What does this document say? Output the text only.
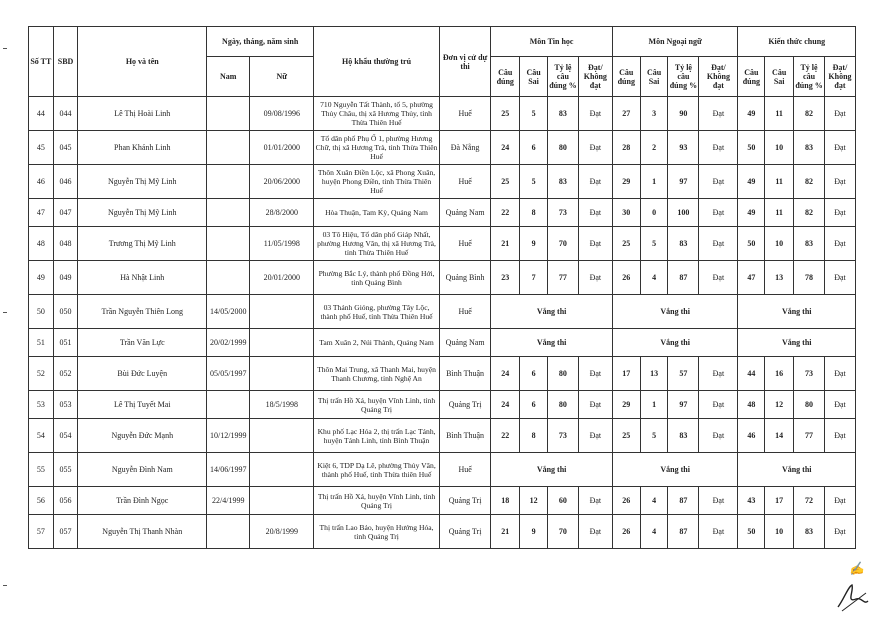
Số TT	SBD	Họ và tên	Ngày, tháng, năm sinh		Hộ khẩu thường trú	Đơn vị cử dự thi	Môn Tin học				Môn Ngoại ngữ				Kiến thức chung			
			Nam	Nữ			Câu đúng	Câu Sai	Tỷ lệ câu đúng %	Đạt/ Không đạt	Câu đúng	Câu Sai	Tỷ lệ câu đúng %	Đạt/ Không đạt	Câu đúng	Câu Sai	Tỷ lệ câu đúng %	Đạt/ Không đạt
44	044	Lê Thị Hoài Linh		09/08/1996	710 Nguyễn Tất Thành, tổ 5, phường Thủy Châu, thị xã Hương Thủy, tỉnh Thừa Thiên Huế	Huế	25	5	83	Đạt	27	3	90	Đạt	49	11	82	Đạt
45	045	Phan Khánh Linh		01/01/2000	Tổ dân phố Phụ Ổ 1, phường Hương Chữ, thị xã Hương Trà, tỉnh Thừa Thiên Huế	Đà Nẵng	24	6	80	Đạt	28	2	93	Đạt	50	10	83	Đạt
46	046	Nguyễn Thị Mỹ Linh		20/06/2000	Thôn Xuân Điền Lộc, xã Phong Xuân, huyện Phong Điền, tỉnh Thừa Thiên Huế	Huế	25	5	83	Đạt	29	1	97	Đạt	49	11	82	Đạt
47	047	Nguyễn Thị Mỹ Linh		28/8/2000	Hòa Thuận, Tam Kỳ, Quảng Nam	Quảng Nam	22	8	73	Đạt	30	0	100	Đạt	49	11	82	Đạt
48	048	Trương Thị Mỹ Linh		11/05/1998	03 Tô Hiệu, Tổ dân phố Giáp Nhất, phường Hương Văn, thị xã Hương Trà, tỉnh Thừa Thiên Huế	Huế	21	9	70	Đạt	25	5	83	Đạt	50	10	83	Đạt
49	049	Hà Nhật Linh		20/01/2000	Phường Bắc Lý, thành phố Đồng Hới, tỉnh Quảng Bình	Quảng Bình	23	7	77	Đạt	26	4	87	Đạt	47	13	78	Đạt
50	050	Trần Nguyễn Thiên Long	14/05/2000		03 Thánh Gióng, phường Tây Lộc, thành phố Huế, tỉnh Thừa Thiên Huế	Huế	Vắng thi				Vắng thi				Vắng thi			
51	051	Trần Văn Lực	20/02/1999		Tam Xuân 2, Núi Thành, Quảng Nam	Quảng Nam	Vắng thi				Vắng thi				Vắng thi			
52	052	Bùi Đức Luyện	05/05/1997		Thôn Mai Trung, xã Thanh Mai, huyện Thanh Chương, tỉnh Nghệ An	Bình Thuận	24	6	80	Đạt	17	13	57	Đạt	44	16	73	Đạt
53	053	Lê Thị Tuyết Mai		18/5/1998	Thị trấn Hồ Xá, huyện Vĩnh Linh, tỉnh Quảng Trị	Quảng Trị	24	6	80	Đạt	29	1	97	Đạt	48	12	80	Đạt
54	054	Nguyễn Đức Mạnh	10/12/1999		Khu phố Lạc Hóa 2, thị trấn Lạc Tánh, huyện Tánh Linh, tỉnh Bình Thuận	Bình Thuận	22	8	73	Đạt	25	5	83	Đạt	46	14	77	Đạt
55	055	Nguyễn Đình Nam	14/06/1997		Kiệt 6, TDP Dạ Lê, phường Thủy Vân, thành phố Huế, tỉnh Thừa thiên Huế	Huế	Vắng thi				Vắng thi				Vắng thi			
56	056	Trần Đình Ngọc	22/4/1999		Thị trấn Hồ Xá, huyện Vĩnh Linh, tỉnh Quảng Trị	Quảng Trị	18	12	60	Đạt	26	4	87	Đạt	43	17	72	Đạt
57	057	Nguyễn Thị Thanh Nhàn		20/8/1999	Thị trấn Lao Bảo, huyện Hướng Hóa, tỉnh Quảng Trị	Quảng Trị	21	9	70	Đạt	26	4	87	Đạt	50	10	83	Đạt
✍
